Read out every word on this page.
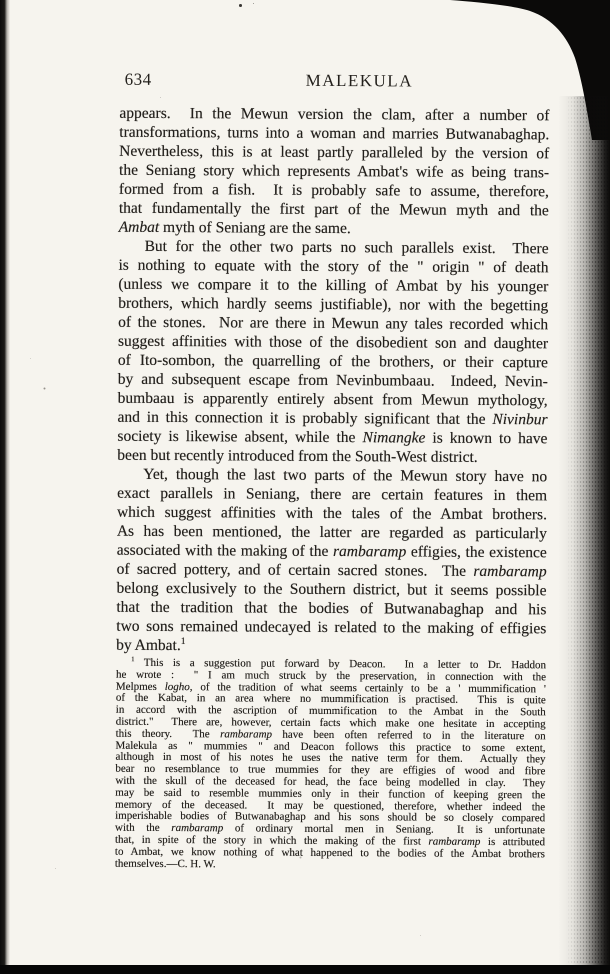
634	MALEKULA
appears.  In the Mewun version the clam, after a number of
transformations, turns into a woman and marries Butwanabaghap.
Nevertheless, this is at least partly paralleled by the version of
the Seniang story which represents Ambat's wife as being trans-
formed from a fish.  It is probably safe to assume, therefore,
that fundamentally the first part of the Mewun myth and the
Ambat myth of Seniang are the same.
But for the other two parts no such parallels exist.  There
is nothing to equate with the story of the " origin " of death
(unless we compare it to the killing of Ambat by his younger
brothers, which hardly seems justifiable), nor with the begetting
of the stones.  Nor are there in Mewun any tales recorded which
suggest affinities with those of the disobedient son and daughter
of Ito-sombon, the quarrelling of the brothers, or their capture
by and subsequent escape from Nevinbumbaau.  Indeed, Nevin-
bumbaau is apparently entirely absent from Mewun mythology,
and in this connection it is probably significant that the Nivinbur
society is likewise absent, while the Nimangke is known to have
been but recently introduced from the South-West district.
Yet, though the last two parts of the Mewun story have no
exact parallels in Seniang, there are certain features in them
which suggest affinities with the tales of the Ambat brothers.
As has been mentioned, the latter are regarded as particularly
associated with the making of the rambaramp effigies, the existence
of sacred pottery, and of certain sacred stones.  The rambaramp
belong exclusively to the Southern district, but it seems possible
that the tradition that the bodies of Butwanabaghap and his
two sons remained undecayed is related to the making of effigies
by Ambat.$^1$
$^1$ This is a suggestion put forward by Deacon.  In a letter to Dr. Haddon
he wrote :  " I am much struck by the preservation, in connection with the
Melpmes logho, of the tradition of what seems certainly to be a ' mummification '
of the Kabat, in an area where no mummification is practised.  This is quite
in accord with the ascription of mummification to the Ambat in the South
district."  There are, however, certain facts which make one hesitate in accepting
this theory.  The rambaramp have been often referred to in the literature on
Malekula as " mummies " and Deacon follows this practice to some extent,
although in most of his notes he uses the native term for them.  Actually they
bear no resemblance to true mummies for they are effigies of wood and fibre
with the skull of the deceased for head, the face being modelled in clay.  They
may be said to resemble mummies only in their function of keeping green the
memory of the deceased.  It may be questioned, therefore, whether indeed the
imperishable bodies of Butwanabaghap and his sons should be so closely compared
with the rambaramp of ordinary mortal men in Seniang.  It is unfortunate
that, in spite of the story in which the making of the first rambaramp is attributed
to Ambat, we know nothing of what happened to the bodies of the Ambat brothers
themselves.—C. H. W.
